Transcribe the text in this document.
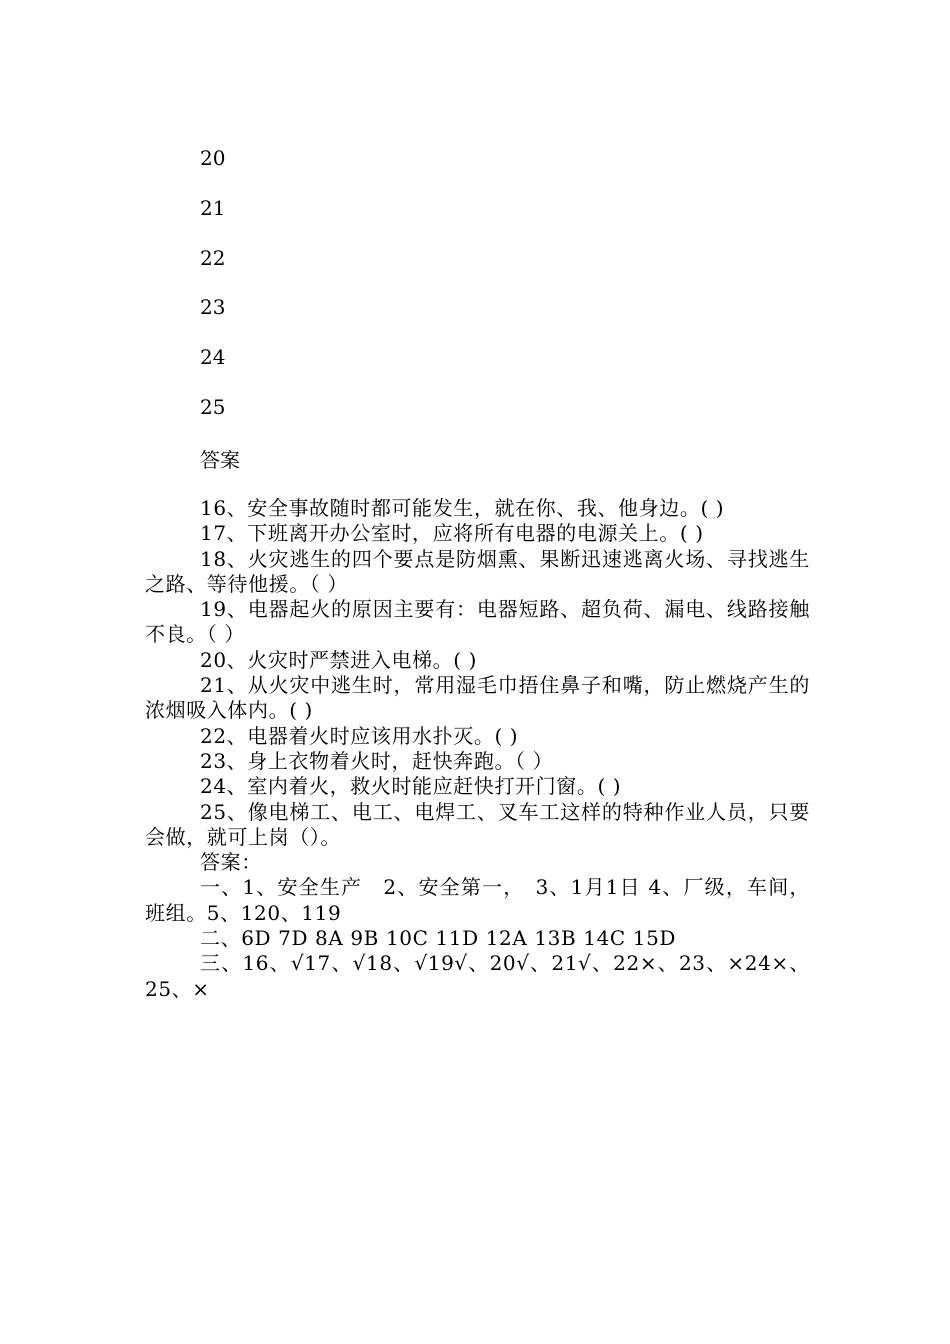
20
21
22
23
24
25
答案

16、安全事故随时都可能发生，就在你、我、他身边。( )

17、下班离开办公室时，应将所有电器的电源关上。( )

18、火灾逃生的四个要点是防烟熏、果断迅速逃离火场、寻找逃生之路、等待他援。（ ）

19、电器起火的原因主要有：电器短路、超负荷、漏电、线路接触不良。（ ）

20、火灾时严禁进入电梯。( )

21、从火灾中逃生时，常用湿毛巾捂住鼻子和嘴，防止燃烧产生的浓烟吸入体内。( )

22、电器着火时应该用水扑灭。( )

23、身上衣物着火时，赶快奔跑。（ ）

24、室内着火，救火时能应赶快打开门窗。( )

25、像电梯工、电工、电焊工、叉车工这样的特种作业人员，只要会做，就可上岗（）。

答案：

一、1、安全生产　2、安全第一，　3、1月1日 4、厂级，车间，班组。5、120、119

二、6D 7D 8A 9B 10C 11D 12A 13B 14C 15D

三、16、√17、√18、√19√、20√、21√、22×、23、×24×、25、×
